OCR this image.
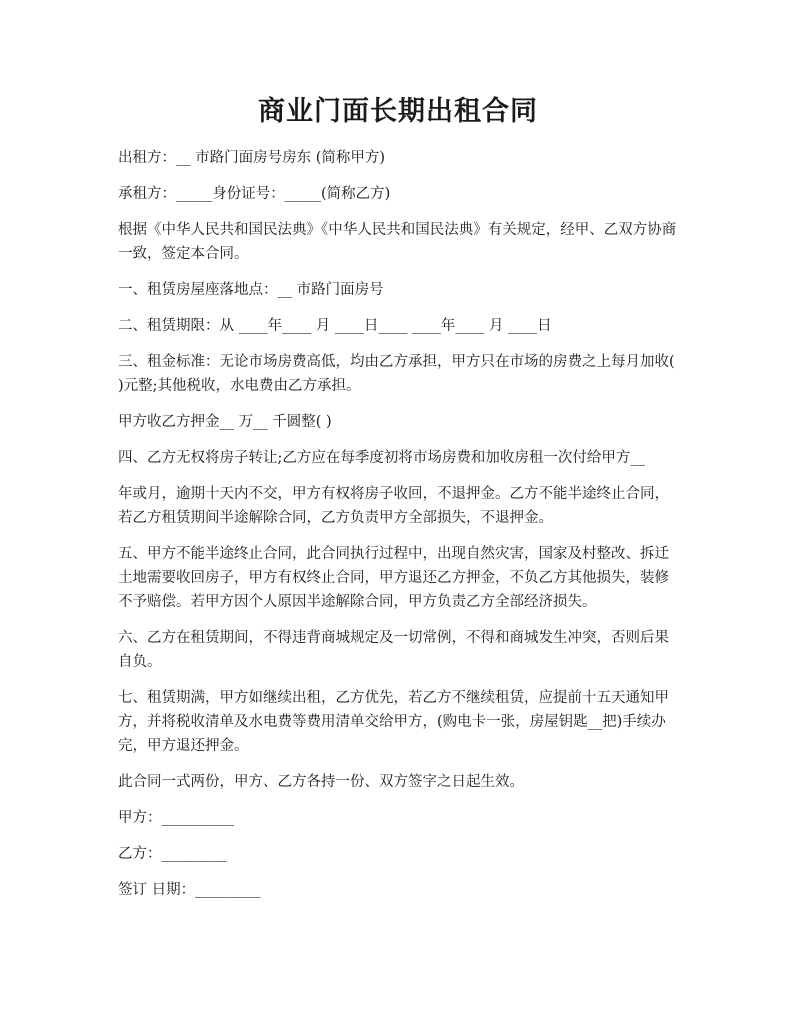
商业门面长期出租合同

出租方：__ 市路门面房号房东 (简称甲方)

承租方：_____身份证号：_____(简称乙方)

根据《中华人民共和国民法典》《中华人民共和国民法典》有关规定，经甲、乙双方协商一致，签定本合同。

一、租赁房屋座落地点：__ 市路门面房号

二、租赁期限：从 ____年____ 月 ____日____ ____年____ 月 ____日

三、租金标准：无论市场房费高低，均由乙方承担，甲方只在市场的房费之上每月加收( )元整;其他税收，水电费由乙方承担。

甲方收乙方押金__ 万__ 千圆整( )

四、乙方无权将房子转让;乙方应在每季度初将市场房费和加收房租一次付给甲方__

年或月，逾期十天内不交，甲方有权将房子收回，不退押金。乙方不能半途终止合同，若乙方租赁期间半途解除合同，乙方负责甲方全部损失，不退押金。

五、甲方不能半途终止合同，此合同执行过程中，出现自然灾害，国家及村整改、拆迁土地需要收回房子，甲方有权终止合同，甲方退还乙方押金，不负乙方其他损失，装修不予赔偿。若甲方因个人原因半途解除合同，甲方负责乙方全部经济损失。

六、乙方在租赁期间，不得违背商城规定及一切常例，不得和商城发生冲突，否则后果自负。

七、租赁期满，甲方如继续出租，乙方优先，若乙方不继续租赁，应提前十五天通知甲方，并将税收清单及水电费等费用清单交给甲方，(购电卡一张，房屋钥匙__把)手续办完，甲方退还押金。

此合同一式两份，甲方、乙方各持一份、双方签字之日起生效。

甲方：__________

乙方：_________

签订 日期：_________
